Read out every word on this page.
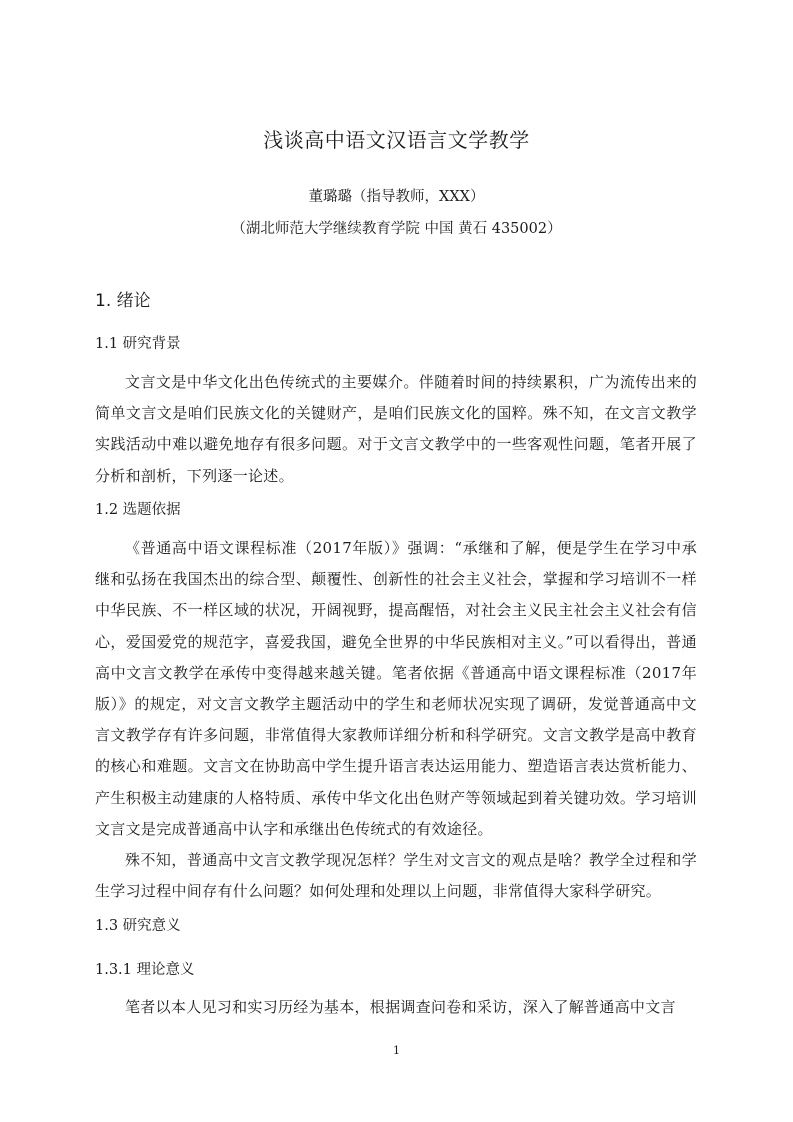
浅谈高中语文汉语言文学教学
董璐璐（指导教师，XXX）
（湖北师范大学继续教育学院 中国 黄石 435002）
1. 绪论
1.1 研究背景
文言文是中华文化出色传统式的主要媒介。伴随着时间的持续累积，广为流传出来的简单文言文是咱们民族文化的关键财产，是咱们民族文化的国粹。殊不知，在文言文教学实践活动中难以避免地存有很多问题。对于文言文教学中的一些客观性问题，笔者开展了分析和剖析，下列逐一论述。
1.2 选题依据
《普通高中语文课程标准（2017年版）》强调：“承继和了解，便是学生在学习中承继和弘扬在我国杰出的综合型、颠覆性、创新性的社会主义社会，掌握和学习培训不一样中华民族、不一样区域的状况，开阔视野，提高醒悟，对社会主义民主社会主义社会有信心，爱国爱党的规范字，喜爱我国，避免全世界的中华民族相对主义。”可以看得出，普通高中文言文教学在承传中变得越来越关键。笔者依据《普通高中语文课程标准（2017年版）》的规定，对文言文教学主题活动中的学生和老师状况实现了调研，发觉普通高中文言文教学存有许多问题，非常值得大家教师详细分析和科学研究。文言文教学是高中教育的核心和难题。文言文在协助高中学生提升语言表达运用能力、塑造语言表达赏析能力、产生积极主动建康的人格特质、承传中华文化出色财产等领域起到着关键功效。学习培训文言文是完成普通高中认字和承继出色传统式的有效途径。
殊不知，普通高中文言文教学现况怎样？学生对文言文的观点是啥？教学全过程和学生学习过程中间存有什么问题？如何处理和处理以上问题，非常值得大家科学研究。
1.3 研究意义
1.3.1 理论意义
笔者以本人见习和实习历经为基本，根据调查问卷和采访，深入了解普通高中文言
1
